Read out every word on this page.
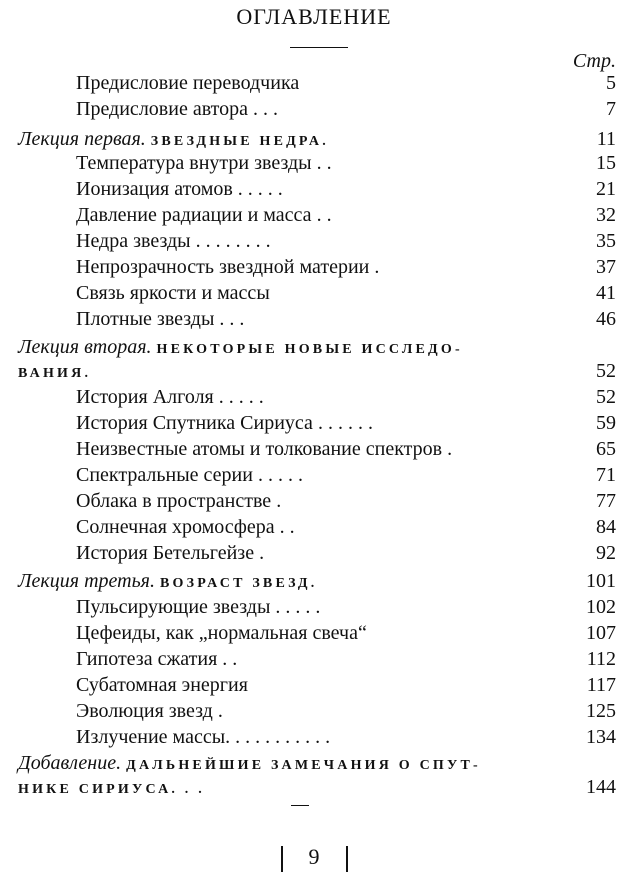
ОГЛАВЛЕНИЕ
Стр.
Предисловие переводчика	5
Предисловие автора . . .	7
Лекция первая. ЗВЕЗДНЫЕ НЕДРА.	11
Температура внутри звезды . .	15
Ионизация атомов . . . . .	21
Давление радиации и масса . .	32
Недра звезды . . . . . . . .	35
Непрозрачность звездной материи .	37
Связь яркости и массы	41
Плотные звезды . . .	46
Лекция вторая. НЕКОТОРЫЕ НОВЫЕ ИССЛЕДО-
ВАНИЯ.	52
История Алголя . . . . .	52
История Спутника Сириуса . . . . . .	59
Неизвестные атомы и толкование спектров .	65
Спектральные серии . . . . .	71
Облака в пространстве .	77
Солнечная хромосфера . .	84
История Бетельгейзе .	92
Лекция третья. ВОЗРАСТ ЗВЕЗД.	101
Пульсирующие звезды . . . . .	102
Цефеиды, как „нормальная свеча“	107
Гипотеза сжатия . .	112
Субатомная энергия	117
Эволюция звезд .	125
Излучение массы. . . . . . . . . . .	134
Добавление. ДАЛЬНЕЙШИЕ ЗАМЕЧАНИЯ О СПУТ-
НИКЕ СИРИУСА. . .	144
9
